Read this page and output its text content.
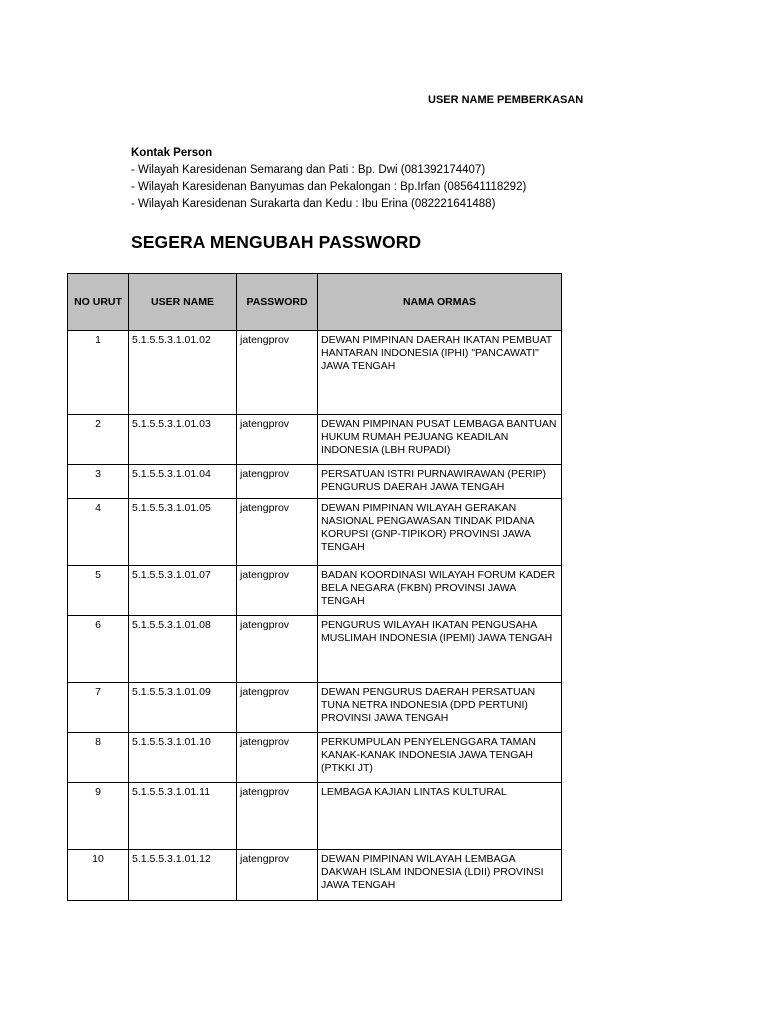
USER NAME PEMBERKASAN
Kontak Person
- Wilayah Karesidenan Semarang dan Pati : Bp. Dwi (081392174407)
- Wilayah Karesidenan Banyumas dan Pekalongan : Bp.Irfan (085641118292)
- Wilayah Karesidenan Surakarta dan Kedu : Ibu Erina (082221641488)
SEGERA MENGUBAH PASSWORD
NO URUT	USER NAME	PASSWORD	NAMA ORMAS

1	5.1.5.5.3.1.01.02	jatengprov	DEWAN PIMPINAN DAERAH IKATAN PEMBUAT HANTARAN INDONESIA (IPHI) "PANCAWATI" JAWA TENGAH

2	5.1.5.5.3.1.01.03	jatengprov	DEWAN PIMPINAN PUSAT LEMBAGA BANTUAN HUKUM RUMAH PEJUANG KEADILAN INDONESIA (LBH RUPADI)

3	5.1.5.5.3.1.01.04	jatengprov	PERSATUAN ISTRI PURNAWIRAWAN (PERIP) PENGURUS DAERAH JAWA TENGAH

4	5.1.5.5.3.1.01.05	jatengprov	DEWAN PIMPINAN WILAYAH GERAKAN NASIONAL PENGAWASAN TINDAK PIDANA KORUPSI (GNP-TIPIKOR) PROVINSI JAWA TENGAH

5	5.1.5.5.3.1.01.07	jatengprov	BADAN KOORDINASI WILAYAH FORUM KADER BELA NEGARA (FKBN) PROVINSI JAWA TENGAH

6	5.1.5.5.3.1.01.08	jatengprov	PENGURUS WILAYAH IKATAN PENGUSAHA MUSLIMAH INDONESIA (IPEMI) JAWA TENGAH

7	5.1.5.5.3.1.01.09	jatengprov	DEWAN PENGURUS DAERAH PERSATUAN TUNA NETRA INDONESIA (DPD PERTUNI) PROVINSI JAWA TENGAH

8	5.1.5.5.3.1.01.10	jatengprov	PERKUMPULAN PENYELENGGARA TAMAN KANAK-KANAK INDONESIA JAWA TENGAH (PTKKI JT)

9	5.1.5.5.3.1.01.11	jatengprov	LEMBAGA KAJIAN LINTAS KULTURAL

10	5.1.5.5.3.1.01.12	jatengprov	DEWAN PIMPINAN WILAYAH LEMBAGA DAKWAH ISLAM INDONESIA (LDII) PROVINSI JAWA TENGAH
